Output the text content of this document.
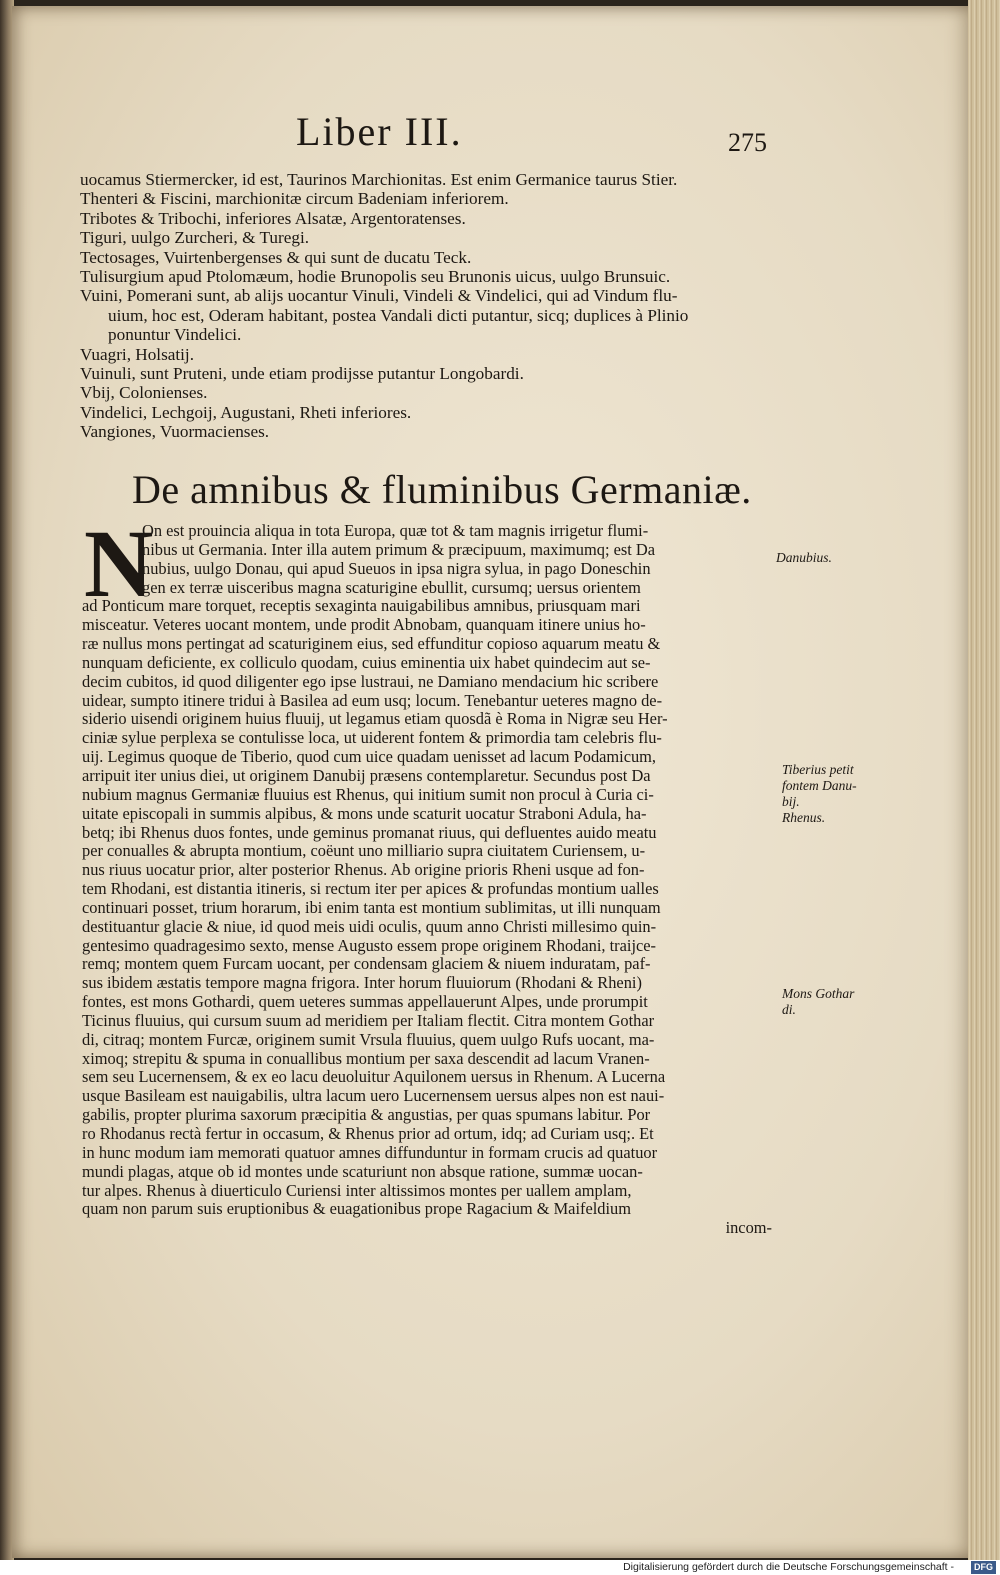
Liber III.	275
uocamus Stiermercker, id est, Taurinos Marchionitas. Est enim Germanice taurus Stier.
Thenteri & Fiscini, marchionitæ circum Badeniam inferiorem.
Tribotes & Tribochi, inferiores Alsatæ, Argentoratenses.
Tiguri, uulgo Zurcheri, & Turegi.
Tectosages, Vuirtenbergenses & qui sunt de ducatu Teck.
Tulisurgium apud Ptolomæum, hodie Brunopolis seu Brunonis uicus, uulgo Brunsuic.
Vuini, Pomerani sunt, ab alijs uocantur Vinuli, Vindeli & Vindelici, qui ad Vindum flu-
uium, hoc est, Oderam habitant, postea Vandali dicti putantur, sicq; duplices à Plinio
ponuntur Vindelici.
Vuagri, Holsatij.
Vuinuli, sunt Pruteni, unde etiam prodijsse putantur Longobardi.
Vbij, Colonienses.
Vindelici, Lechgoij, Augustani, Rheti inferiores.
Vangiones, Vuormacienses.
De amnibus & fluminibus Germaniæ.
N
On est prouincia aliqua in tota Europa, quæ tot & tam magnis irrigetur flumi-
nibus ut Germania. Inter illa autem primum & præcipuum, maximumq; est Da
nubius, uulgo Donau, qui apud Sueuos in ipsa nigra sylua, in pago Doneschin
gen ex terræ uisceribus magna scaturigine ebullit, cursumq; uersus orientem
ad Ponticum mare torquet, receptis sexaginta nauigabilibus amnibus, priusquam mari
misceatur. Veteres uocant montem, unde prodit Abnobam, quanquam itinere unius ho-
ræ nullus mons pertingat ad scaturiginem eius, sed effunditur copioso aquarum meatu &
nunquam deficiente, ex colliculo quodam, cuius eminentia uix habet quindecim aut se-
decim cubitos, id quod diligenter ego ipse lustraui, ne Damiano mendacium hic scribere
uidear, sumpto itinere tridui à Basilea ad eum usq; locum. Tenebantur ueteres magno de-
siderio uisendi originem huius fluuij, ut legamus etiam quosdã è Roma in Nigræ seu Her-
ciniæ sylue perplexa se contulisse loca, ut uiderent fontem & primordia tam celebris flu-
uij. Legimus quoque de Tiberio, quod cum uice quadam uenisset ad lacum Podamicum,
arripuit iter unius diei, ut originem Danubij præsens contemplaretur. Secundus post Da
nubium magnus Germaniæ fluuius est Rhenus, qui initium sumit non procul à Curia ci-
uitate episcopali in summis alpibus, & mons unde scaturit uocatur Straboni Adula, ha-
betq; ibi Rhenus duos fontes, unde geminus promanat riuus, qui defluentes auido meatu
per conualles & abrupta montium, coëunt uno milliario supra ciuitatem Curiensem, u-
nus riuus uocatur prior, alter posterior Rhenus. Ab origine prioris Rheni usque ad fon-
tem Rhodani, est distantia itineris, si rectum iter per apices & profundas montium ualles
continuari posset, trium horarum, ibi enim tanta est montium sublimitas, ut illi nunquam
destituantur glacie & niue, id quod meis uidi oculis, quum anno Christi millesimo quin-
gentesimo quadragesimo sexto, mense Augusto essem prope originem Rhodani, traijce-
remq; montem quem Furcam uocant, per condensam glaciem & niuem induratam, paf-
sus ibidem æstatis tempore magna frigora. Inter horum fluuiorum (Rhodani & Rheni)
fontes, est mons Gothardi, quem ueteres summas appellauerunt Alpes, unde prorumpit
Ticinus fluuius, qui cursum suum ad meridiem per Italiam flectit. Citra montem Gothar
di, citraq; montem Furcæ, originem sumit Vrsula fluuius, quem uulgo Rufs uocant, ma-
ximoq; strepitu & spuma in conuallibus montium per saxa descendit ad lacum Vranen-
sem seu Lucernensem, & ex eo lacu deuoluitur Aquilonem uersus in Rhenum. A Lucerna
usque Basileam est nauigabilis, ultra lacum uero Lucernensem uersus alpes non est naui-
gabilis, propter plurima saxorum præcipitia & angustias, per quas spumans labitur. Por
ro Rhodanus rectà fertur in occasum, & Rhenus prior ad ortum, idq; ad Curiam usq;. Et
in hunc modum iam memorati quatuor amnes diffunduntur in formam crucis ad quatuor
mundi plagas, atque ob id montes unde scaturiunt non absque ratione, summæ uocan-
tur alpes. Rhenus à diuerticulo Curiensi inter altissimos montes per uallem amplam,
quam non parum suis eruptionibus & euagationibus prope Ragacium & Maifeldium
incom-
Danubius.
Tiberius petit
fontem Danu-
bij.
Rhenus.
Mons Gothar
di.
Digitalisierung gefördert durch die Deutsche Forschungsgemeinschaft -	DFG
